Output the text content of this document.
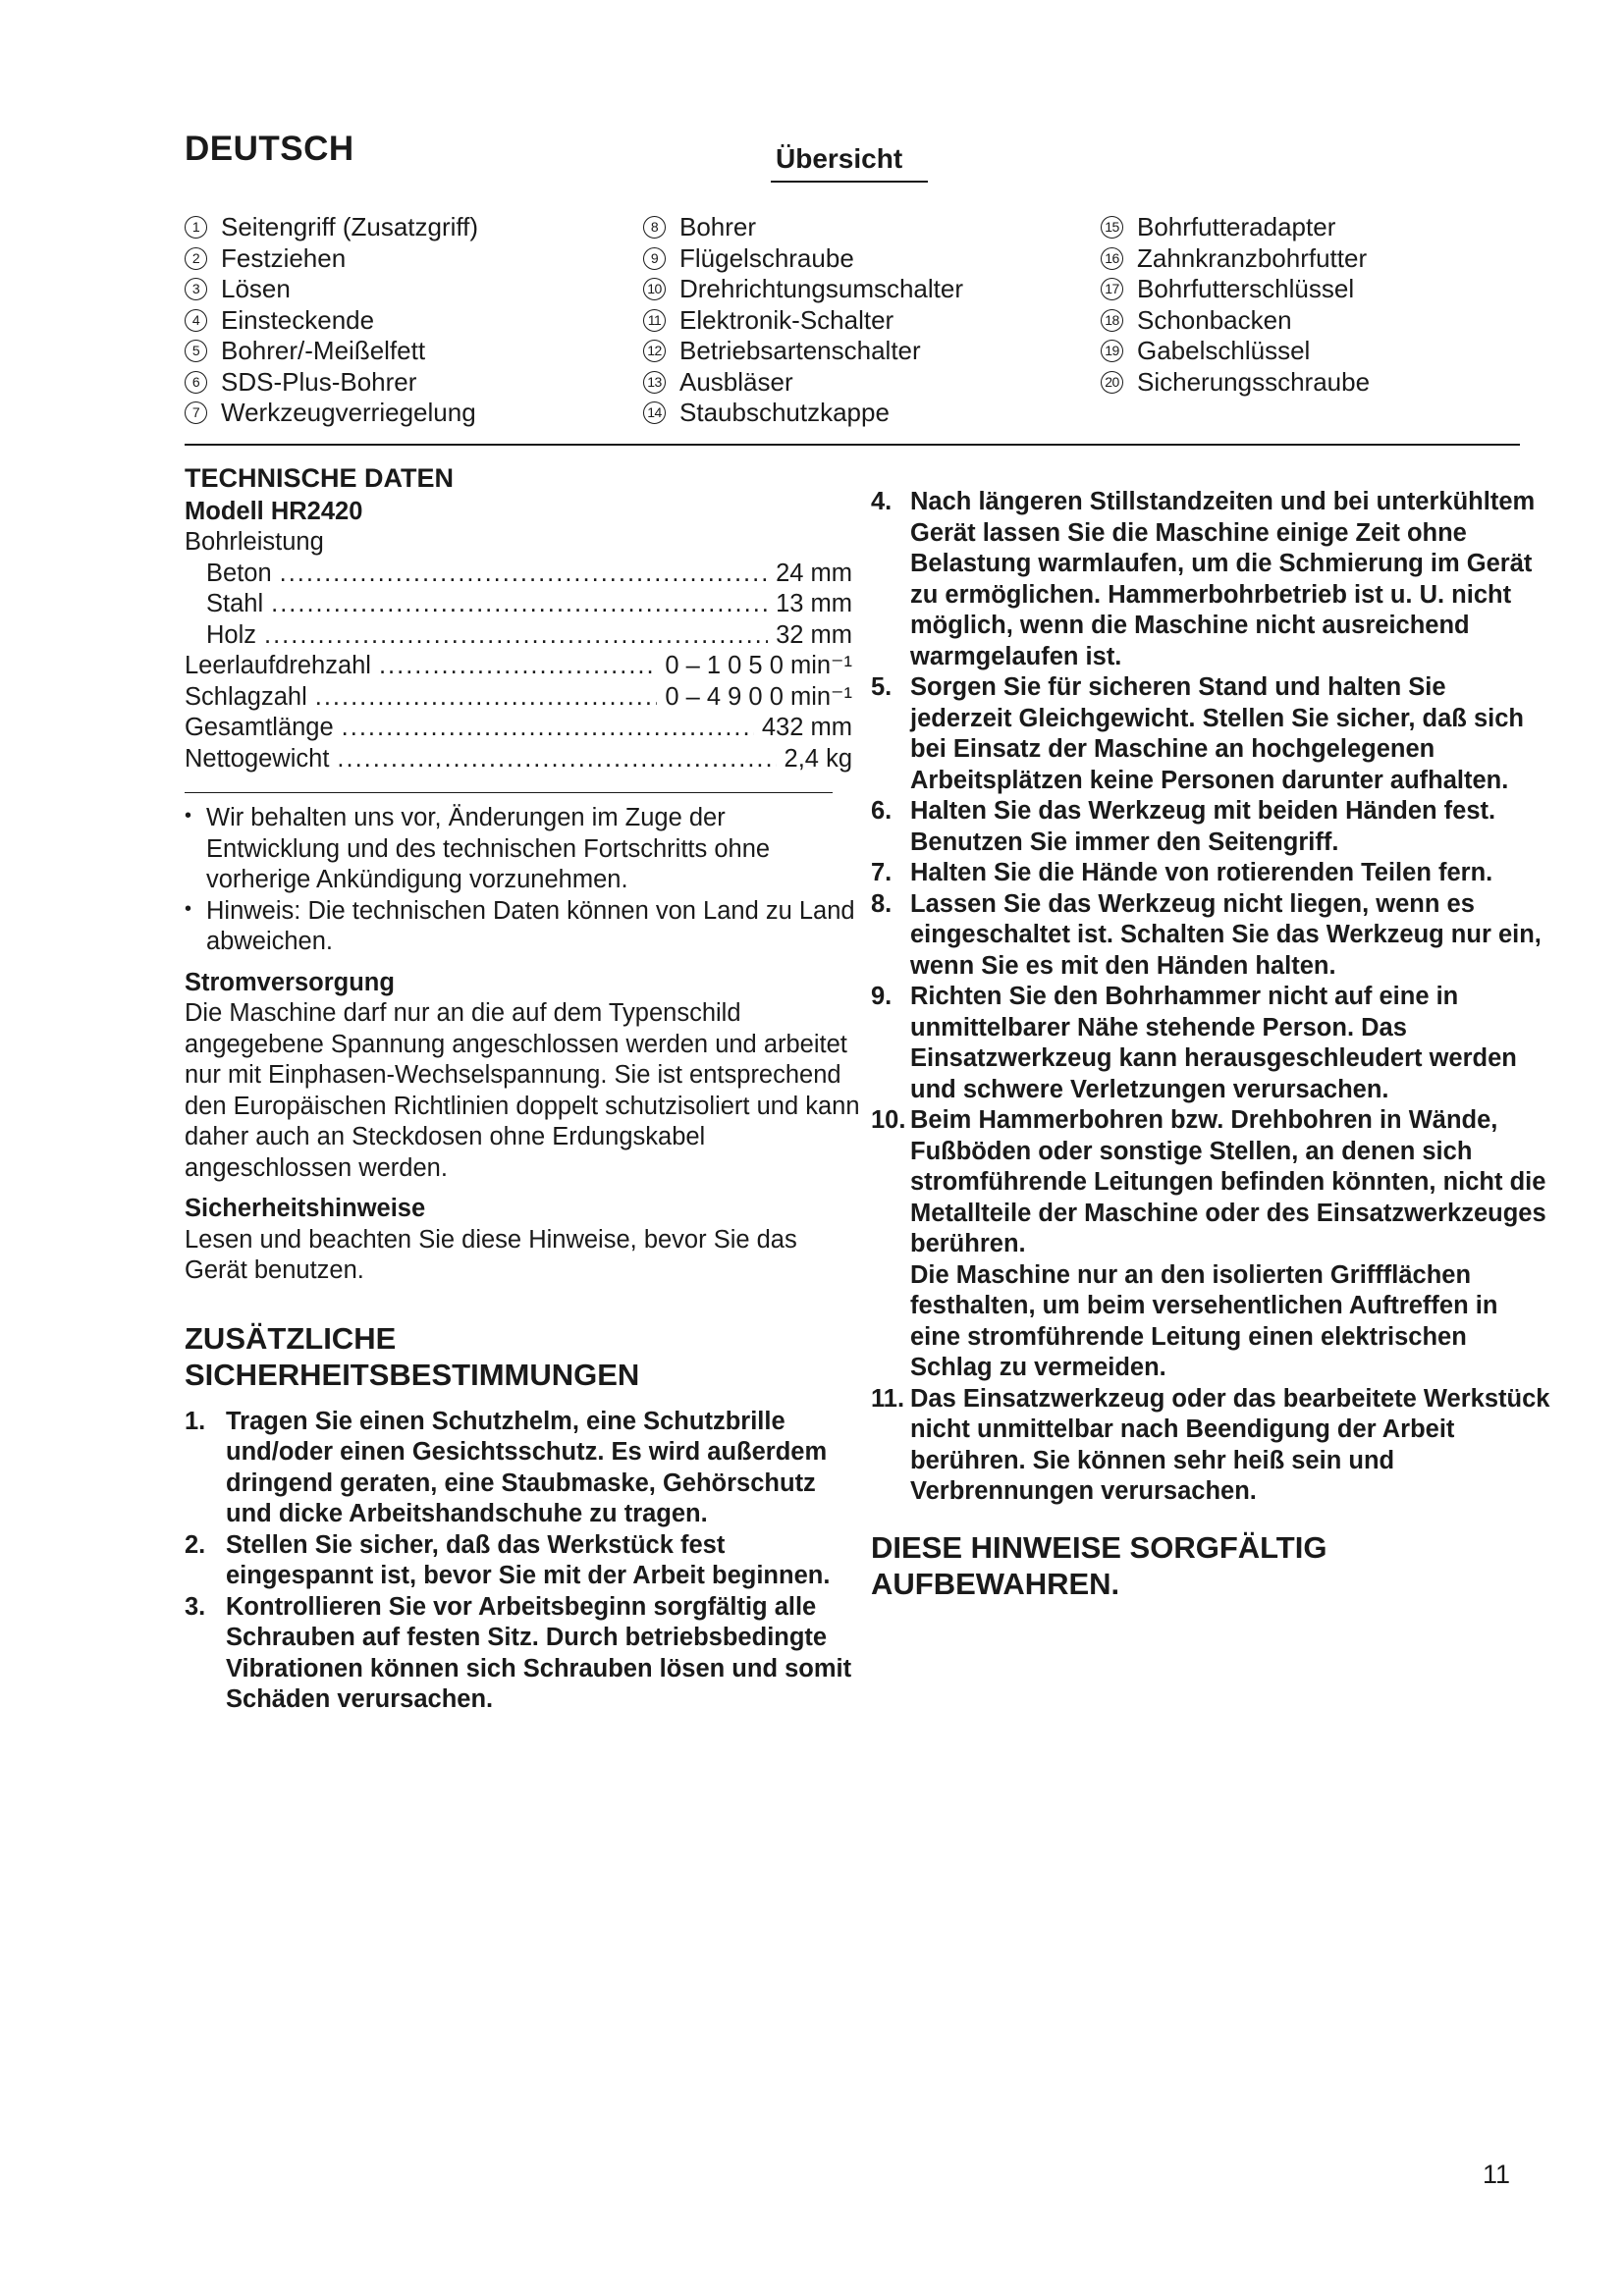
DEUTSCH	Übersicht
1 Seitengriff (Zusatzgriff)
2 Festziehen
3 Lösen
4 Einsteckende
5 Bohrer/-Meißelfett
6 SDS-Plus-Bohrer
7 Werkzeugverriegelung
8 Bohrer
9 Flügelschraube
10 Drehrichtungsumschalter
11 Elektronik-Schalter
12 Betriebsartenschalter
13 Ausbläser
14 Staubschutzkappe
15 Bohrfutteradapter
16 Zahnkranzbohrfutter
17 Bohrfutterschlüssel
18 Schonbacken
19 Gabelschlüssel
20 Sicherungsschraube
TECHNISCHE DATEN
Modell HR2420
Bohrleistung
Beton .....	24 mm
Stahl .....	13 mm
Holz .....	32 mm
Leerlaufdrehzahl .....	0 – 1 0 5 0 min⁻¹
Schlagzahl .....	0 – 4 9 0 0 min⁻¹
Gesamtlänge .....	432 mm
Nettogewicht .....	2,4 kg
• Wir behalten uns vor, Änderungen im Zuge der Entwicklung und des technischen Fortschritts ohne vorherige Ankündigung vorzunehmen.
• Hinweis: Die technischen Daten können von Land zu Land abweichen.
Stromversorgung
Die Maschine darf nur an die auf dem Typenschild angegebene Spannung angeschlossen werden und arbeitet nur mit Einphasen-Wechselspannung. Sie ist entsprechend den Europäischen Richtlinien doppelt schutzisoliert und kann daher auch an Steckdosen ohne Erdungskabel angeschlossen werden.
Sicherheitshinweise
Lesen und beachten Sie diese Hinweise, bevor Sie das Gerät benutzen.
ZUSÄTZLICHE
SICHERHEITSBESTIMMUNGEN
1. Tragen Sie einen Schutzhelm, eine Schutzbrille und/oder einen Gesichtsschutz. Es wird außerdem dringend geraten, eine Staubmaske, Gehörschutz und dicke Arbeitshandschuhe zu tragen.
2. Stellen Sie sicher, daß das Werkstück fest eingespannt ist, bevor Sie mit der Arbeit beginnen.
3. Kontrollieren Sie vor Arbeitsbeginn sorgfältig alle Schrauben auf festen Sitz. Durch betriebsbedingte Vibrationen können sich Schrauben lösen und somit Schäden verursachen.
4. Nach längeren Stillstandzeiten und bei unterkühltem Gerät lassen Sie die Maschine einige Zeit ohne Belastung warmlaufen, um die Schmierung im Gerät zu ermöglichen. Hammerbohrbetrieb ist u. U. nicht möglich, wenn die Maschine nicht ausreichend warmgelaufen ist.
5. Sorgen Sie für sicheren Stand und halten Sie jederzeit Gleichgewicht. Stellen Sie sicher, daß sich bei Einsatz der Maschine an hochgelegenen Arbeitsplätzen keine Personen darunter aufhalten.
6. Halten Sie das Werkzeug mit beiden Händen fest. Benutzen Sie immer den Seitengriff.
7. Halten Sie die Hände von rotierenden Teilen fern.
8. Lassen Sie das Werkzeug nicht liegen, wenn es eingeschaltet ist. Schalten Sie das Werkzeug nur ein, wenn Sie es mit den Händen halten.
9. Richten Sie den Bohrhammer nicht auf eine in unmittelbarer Nähe stehende Person. Das Einsatzwerkzeug kann herausgeschleudert werden und schwere Verletzungen verursachen.
10. Beim Hammerbohren bzw. Drehbohren in Wände, Fußböden oder sonstige Stellen, an denen sich stromführende Leitungen befinden könnten, nicht die Metallteile der Maschine oder des Einsatzwerkzeuges berühren.
Die Maschine nur an den isolierten Griffflächen festhalten, um beim versehentlichen Auftreffen in eine stromführende Leitung einen elektrischen Schlag zu vermeiden.
11. Das Einsatzwerkzeug oder das bearbeitete Werkstück nicht unmittelbar nach Beendigung der Arbeit berühren. Sie können sehr heiß sein und Verbrennungen verursachen.
DIESE HINWEISE SORGFÄLTIG
AUFBEWAHREN.
11
